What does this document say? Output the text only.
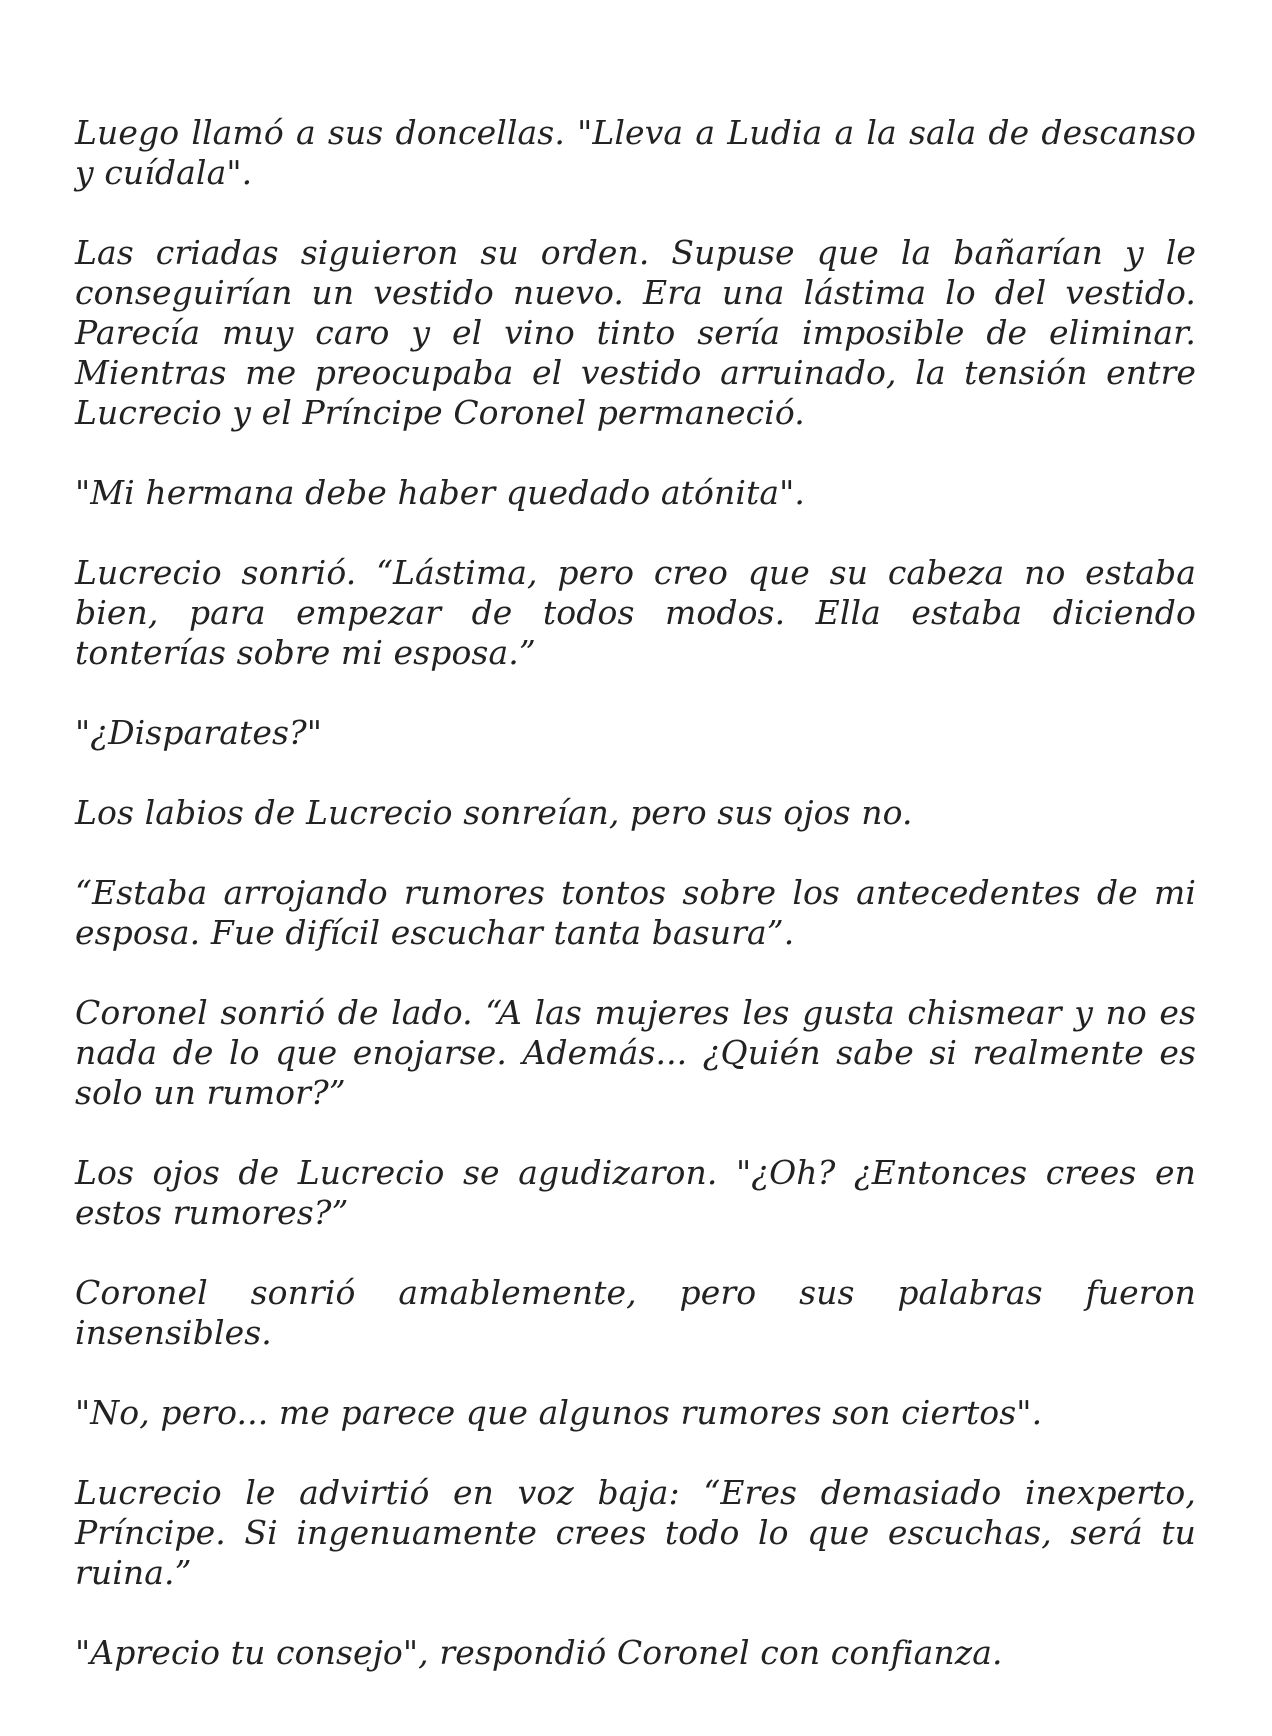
Luego llamó a sus doncellas. "Lleva a Ludia a la sala de descanso y cuídala".

Las criadas siguieron su orden. Supuse que la bañarían y le conseguirían un vestido nuevo. Era una lástima lo del vestido. Parecía muy caro y el vino tinto sería imposible de eliminar. Mientras me preocupaba el vestido arruinado, la tensión entre Lucrecio y el Príncipe Coronel permaneció.

"Mi hermana debe haber quedado atónita".

Lucrecio sonrió. “Lástima, pero creo que su cabeza no estaba bien, para empezar de todos modos. Ella estaba diciendo tonterías sobre mi esposa.”

"¿Disparates?"

Los labios de Lucrecio sonreían, pero sus ojos no.

“Estaba arrojando rumores tontos sobre los antecedentes de mi esposa. Fue difícil escuchar tanta basura”.

Coronel sonrió de lado. “A las mujeres les gusta chismear y no es nada de lo que enojarse. Además... ¿Quién sabe si realmente es solo un rumor?”

Los ojos de Lucrecio se agudizaron. "¿Oh? ¿Entonces crees en estos rumores?”

Coronel sonrió amablemente, pero sus palabras fueron insensibles.

"No, pero... me parece que algunos rumores son ciertos".

Lucrecio le advirtió en voz baja: “Eres demasiado inexperto, Príncipe. Si ingenuamente crees todo lo que escuchas, será tu ruina.”

"Aprecio tu consejo", respondió Coronel con confianza.
